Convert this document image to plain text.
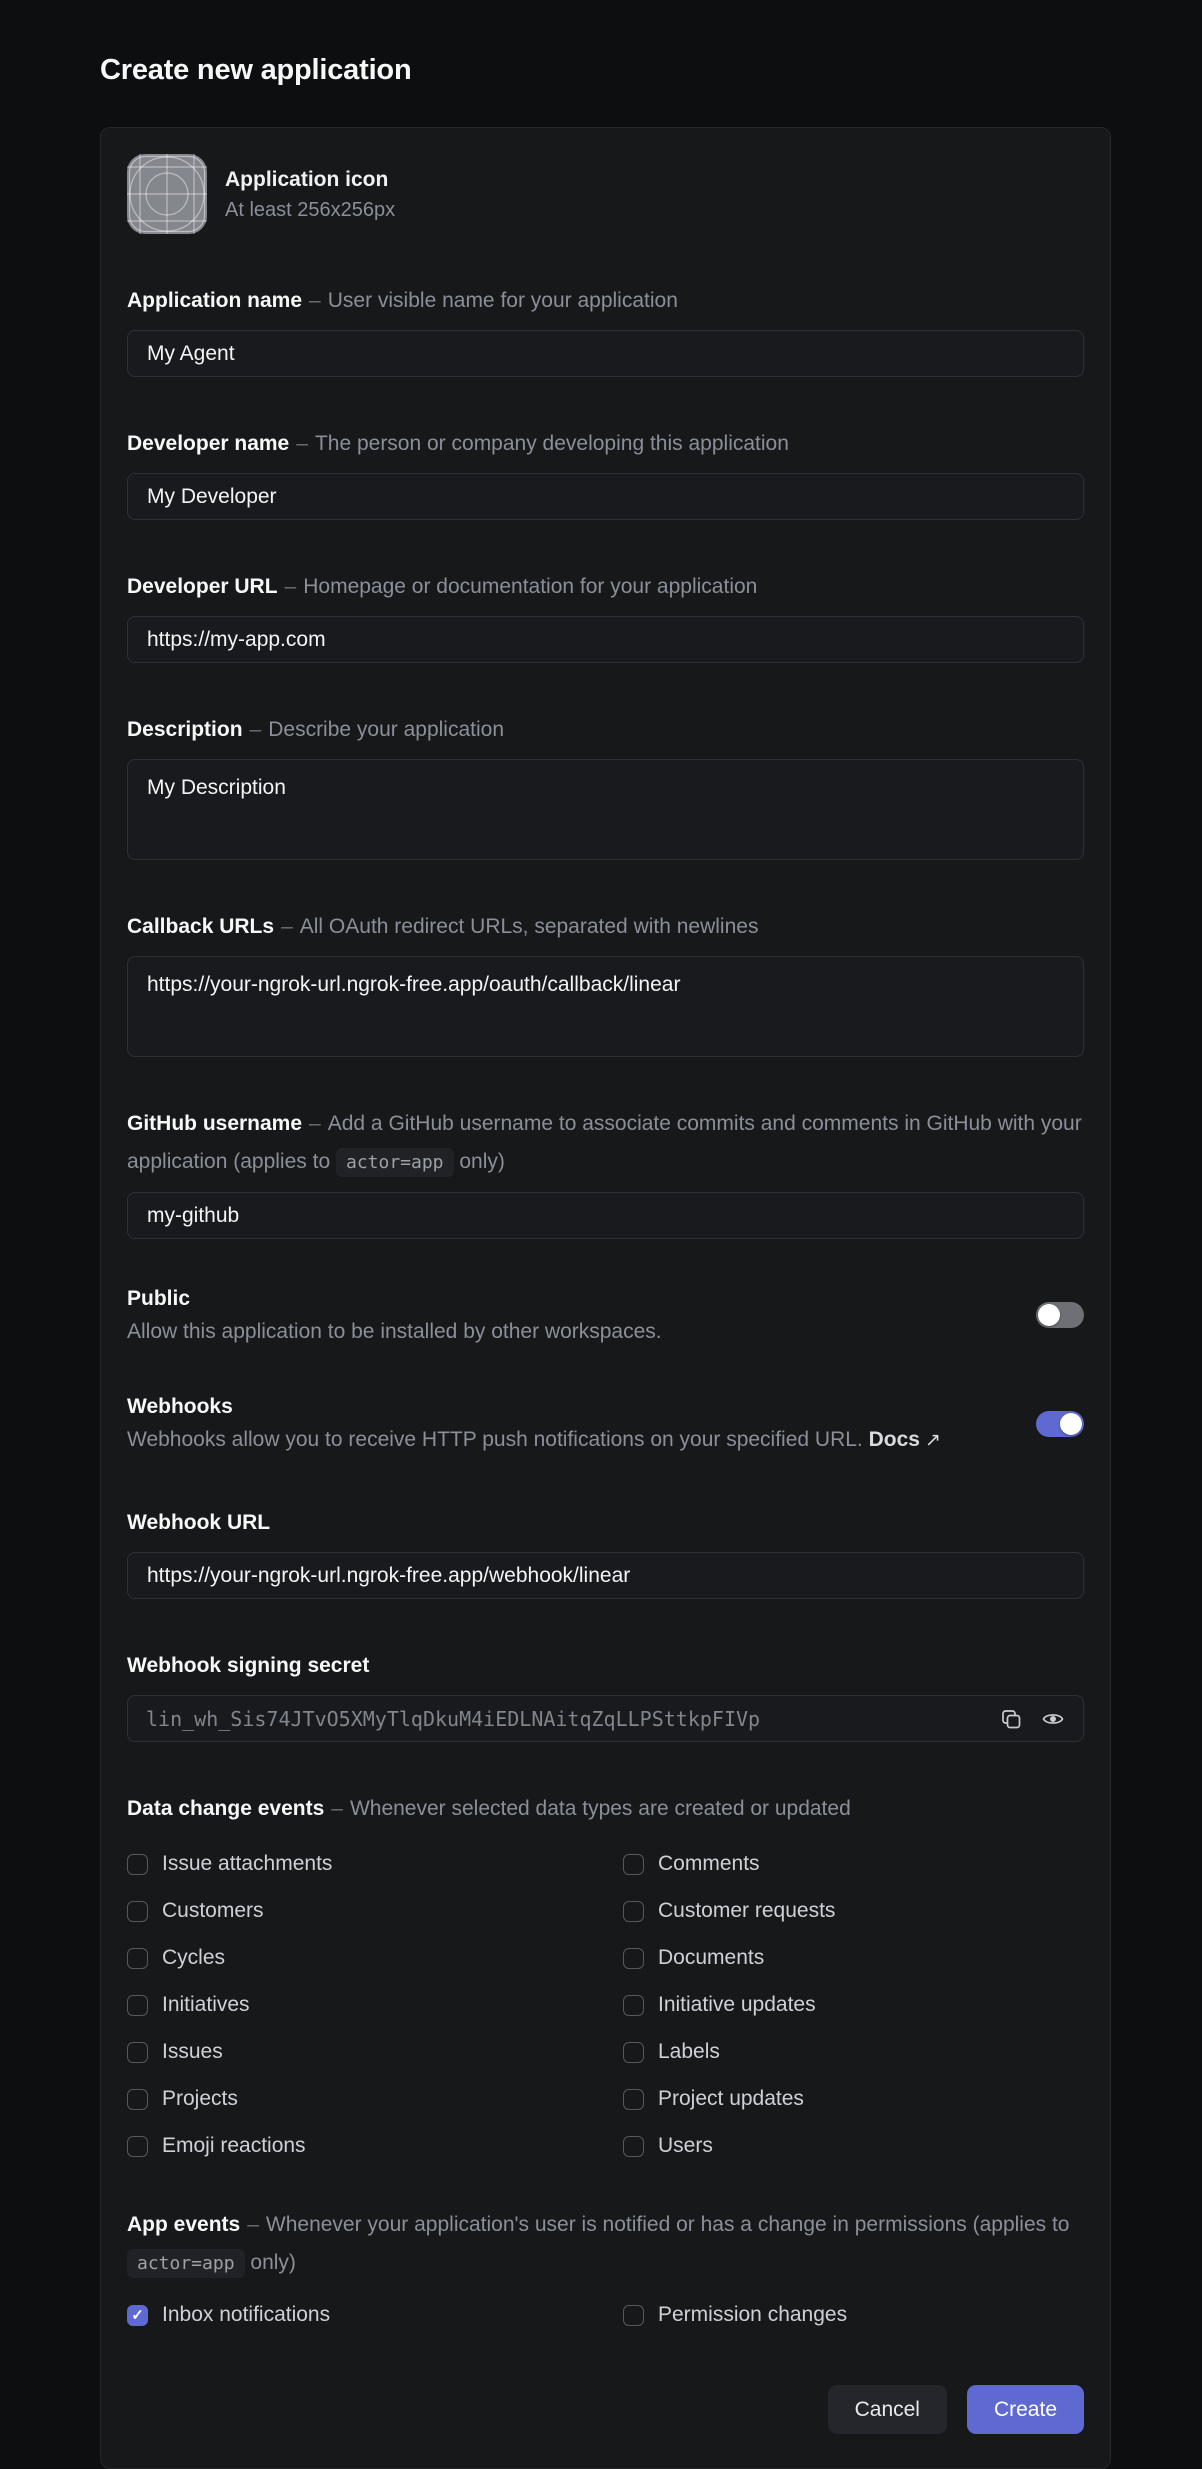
Create new application
Application icon
At least 256x256px
Application name – User visible name for your application
My Agent
Developer name – The person or company developing this application
My Developer
Developer URL – Homepage or documentation for your application
https://my-app.com
Description – Describe your application
My Description
Callback URLs – All OAuth redirect URLs, separated with newlines
https://your-ngrok-url.ngrok-free.app/oauth/callback/linear
GitHub username – Add a GitHub username to associate commits and comments in GitHub with your application (applies to actor=app only)
my-github
Public
Allow this application to be installed by other workspaces.
Webhooks
Webhooks allow you to receive HTTP push notifications on your specified URL. Docs ↗
Webhook URL
https://your-ngrok-url.ngrok-free.app/webhook/linear
Webhook signing secret
lin_wh_Sis74JTvO5XMyTlqDkuM4iEDLNAitqZqLLPSttkpFIVp
Data change events – Whenever selected data types are created or updated
Issue attachments	Comments
Customers	Customer requests
Cycles	Documents
Initiatives	Initiative updates
Issues	Labels
Projects	Project updates
Emoji reactions	Users
App events – Whenever your application's user is notified or has a change in permissions (applies to actor=app only)
✓
Inbox notifications	Permission changes
Cancel	Create
